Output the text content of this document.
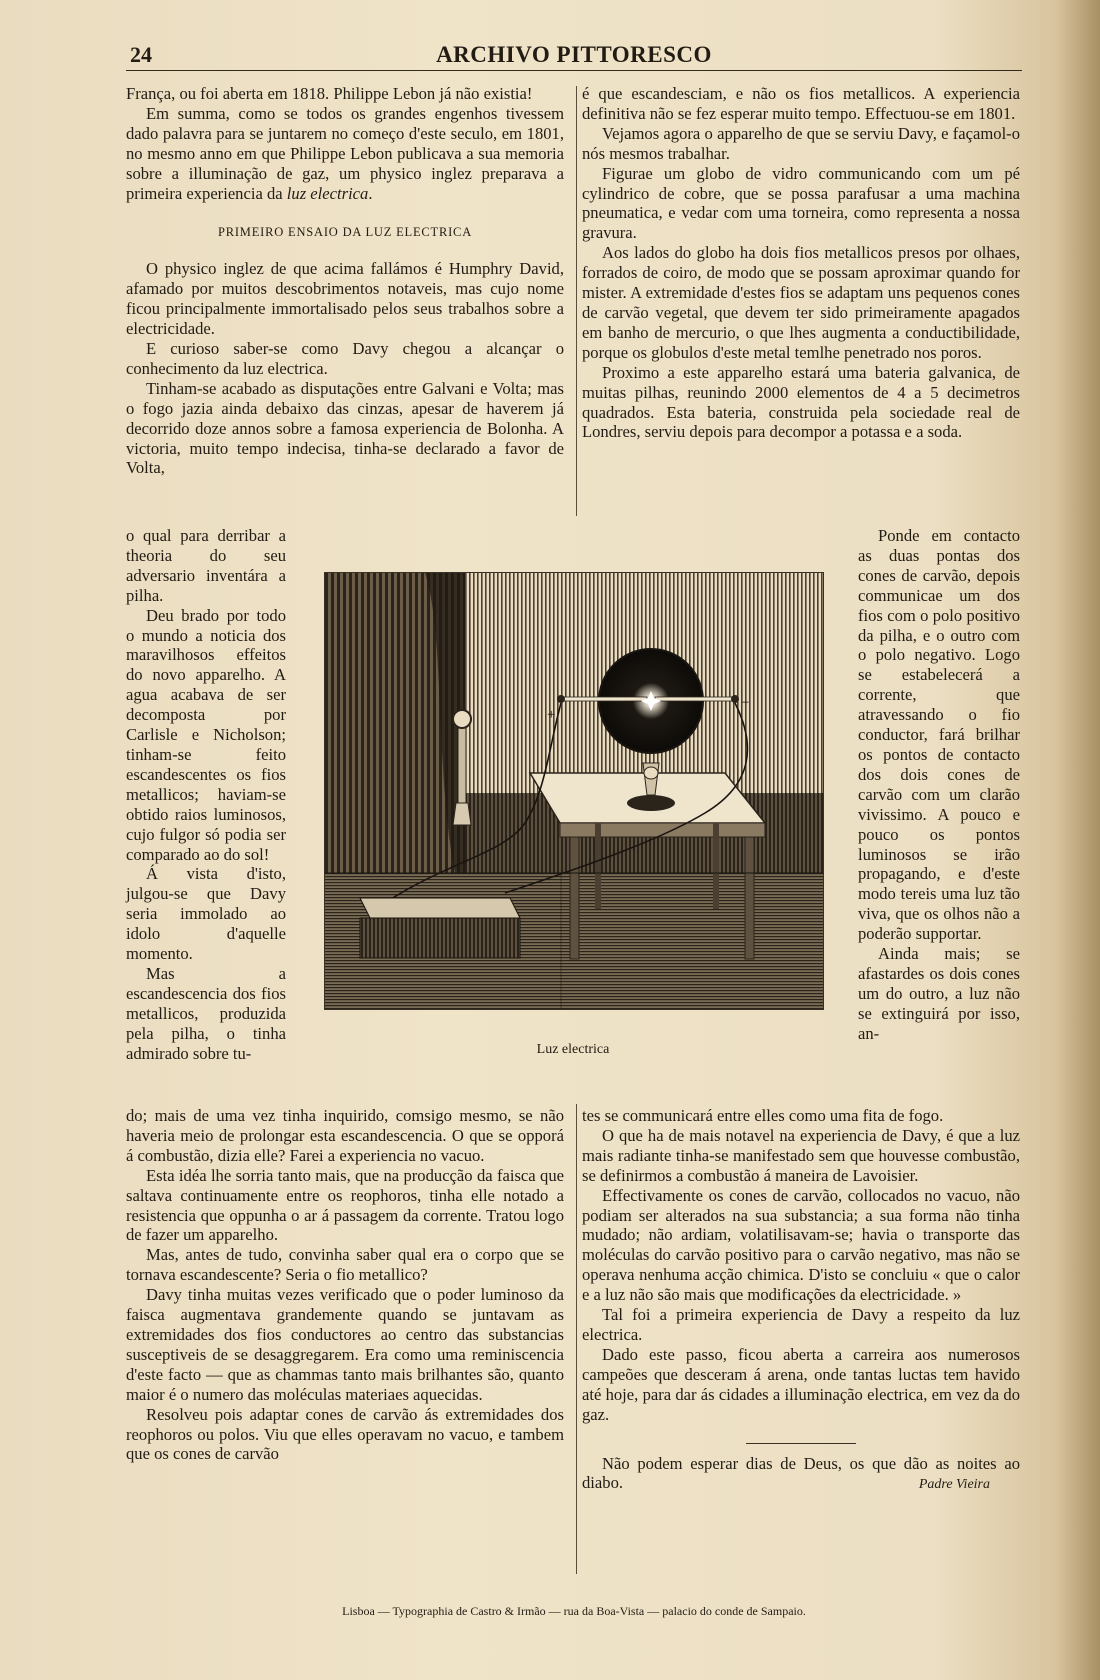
24	ARCHIVO PITTORESCO

França, ou foi aberta em 1818. Philippe Lebon já não existia!

Em summa, como se todos os grandes engenhos tivessem dado palavra para se juntarem no começo d'este seculo, em 1801, no mesmo anno em que Philippe Lebon publicava a sua memoria sobre a illuminação de gaz, um physico inglez preparava a primeira experiencia da luz electrica.

PRIMEIRO ENSAIO DA LUZ ELECTRICA

O physico inglez de que acima fallámos é Humphry David, afamado por muitos descobrimentos notaveis, mas cujo nome ficou principalmente immortalisado pelos seus trabalhos sobre a electricidade.

E curioso saber-se como Davy chegou a alcançar o conhecimento da luz electrica.

Tinham-se acabado as disputações entre Galvani e Volta; mas o fogo jazia ainda debaixo das cinzas, apesar de haverem já decorrido doze annos sobre a famosa experiencia de Bolonha. A victoria, muito tempo indecisa, tinha-se declarado a favor de Volta,

o qual para derribar a theoria do seu adversario inventára a pilha.

Deu brado por todo o mundo a noticia dos maravilhosos effeitos do novo apparelho. A agua acabava de ser decomposta por Carlisle e Nicholson; tinham-se feito escandescentes os fios metallicos; haviam-se obtido raios luminosos, cujo fulgor só podia ser comparado ao do sol!

Á vista d'isto, julgou-se que Davy seria immolado ao idolo d'aquelle momento.

Mas a escandescencia dos fios metallicos, produzida pela pilha, o tinha admirado sobre tu-

do; mais de uma vez tinha inquirido, comsigo mesmo, se não haveria meio de prolongar esta escandescencia. O que se opporá á combustão, dizia elle? Farei a experiencia no vacuo.

Esta idéa lhe sorria tanto mais, que na producção da faisca que saltava continuamente entre os reophoros, tinha elle notado a resistencia que oppunha o ar á passagem da corrente. Tratou logo de fazer um apparelho.

Mas, antes de tudo, convinha saber qual era o corpo que se tornava escandescente? Seria o fio metallico?

Davy tinha muitas vezes verificado que o poder luminoso da faisca augmentava grandemente quando se juntavam as extremidades dos fios conductores ao centro das substancias susceptiveis de se desaggregarem. Era como uma reminiscencia d'este facto — que as chammas tanto mais brilhantes são, quanto maior é o numero das moléculas materiaes aquecidas.

Resolveu pois adaptar cones de carvão ás extremidades dos reophoros ou polos. Viu que elles operavam no vacuo, e tambem que os cones de carvão

é que escandesciam, e não os fios metallicos. A experiencia definitiva não se fez esperar muito tempo. Effectuou-se em 1801.

Vejamos agora o apparelho de que se serviu Davy, e façamol-o nós mesmos trabalhar.

Figurae um globo de vidro communicando com um pé cylindrico de cobre, que se possa parafusar a uma machina pneumatica, e vedar com uma torneira, como representa a nossa gravura.

Aos lados do globo ha dois fios metallicos presos por olhaes, forrados de coiro, de modo que se possam aproximar quando for mister. A extremidade d'estes fios se adaptam uns pequenos cones de carvão vegetal, que devem ter sido primeiramente apagados em banho de mercurio, o que lhes augmenta a conductibilidade, porque os globulos d'este metal temlhe penetrado nos poros.

Proximo a este apparelho estará uma bateria galvanica, de muitas pilhas, reunindo 2000 elementos de 4 a 5 decimetros quadrados. Esta bateria, construida pela sociedade real de Londres, serviu depois para decompor a potassa e a soda.

Ponde em contacto as duas pontas dos cones de carvão, depois communicae um dos fios com o polo positivo da pilha, e o outro com o polo negativo. Logo se estabelecerá a corrente, que atravessando o fio conductor, fará brilhar os pontos de contacto dos dois cones de carvão com um clarão vivissimo. A pouco e pouco os pontos luminosos se irão propagando, e d'este modo tereis uma luz tão viva, que os olhos não a poderão supportar.

Ainda mais; se afastardes os dois cones um do outro, a luz não se extinguirá por isso, an-

tes se communicará entre elles como uma fita de fogo.

O que ha de mais notavel na experiencia de Davy, é que a luz mais radiante tinha-se manifestado sem que houvesse combustão, se definirmos a combustão á maneira de Lavoisier.

Effectivamente os cones de carvão, collocados no vacuo, não podiam ser alterados na sua substancia; a sua forma não tinha mudado; não ardiam, volatilisavam-se; havia o transporte das moléculas do carvão positivo para o carvão negativo, mas não se operava nenhuma acção chimica. D'isto se concluiu « que o calor e a luz não são mais que modificações da electricidade. »

Tal foi a primeira experiencia de Davy a respeito da luz electrica.

Dado este passo, ficou aberta a carreira aos numerosos campeões que desceram á arena, onde tantas luctas tem havido até hoje, para dar ás cidades a illuminação electrica, em vez da do gaz.

Não podem esperar dias de Deus, os que dão as noites ao diabo.	Padre Vieira
+
−
Luz electrica
Lisboa — Typographia de Castro & Irmão — rua da Boa-Vista — palacio do conde de Sampaio.
